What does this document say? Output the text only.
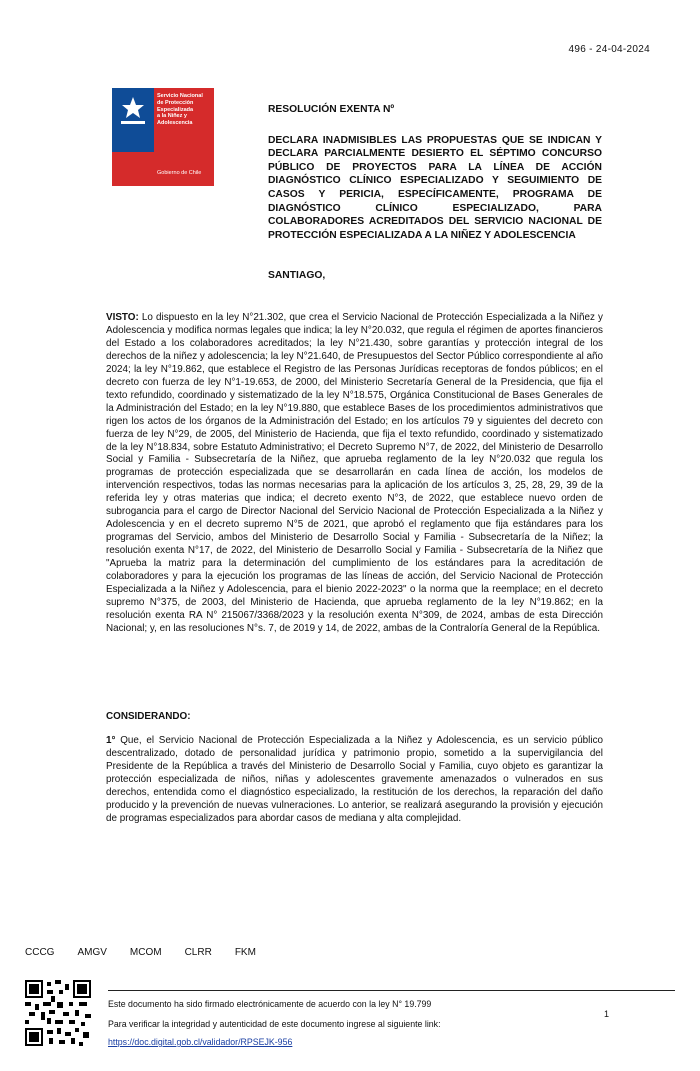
496 - 24-04-2024
Servicio Nacional
de Protección
Especializada
a la Niñez y
Adolescencia
Gobierno de Chile
RESOLUCIÓN EXENTA Nº
DECLARA INADMISIBLES LAS PROPUESTAS QUE SE INDICAN Y DECLARA PARCIALMENTE DESIERTO EL SÉPTIMO CONCURSO PÚBLICO DE PROYECTOS PARA LA LÍNEA DE ACCIÓN DIAGNÓSTICO CLÍNICO ESPECIALIZADO Y SEGUIMIENTO DE CASOS Y PERICIA, ESPECÍFICAMENTE, PROGRAMA DE DIAGNÓSTICO CLÍNICO ESPECIALIZADO, PARA COLABORADORES ACREDITADOS DEL SERVICIO NACIONAL DE PROTECCIÓN ESPECIALIZADA A LA NIÑEZ Y ADOLESCENCIA
SANTIAGO,
VISTO: Lo dispuesto en la ley N°21.302, que crea el Servicio Nacional de Protección Especializada a la Niñez y Adolescencia y modifica normas legales que indica; la ley N°20.032, que regula el régimen de aportes financieros del Estado a los colaboradores acreditados; la ley N°21.430, sobre garantías y protección integral de los derechos de la niñez y adolescencia; la ley N°21.640, de Presupuestos del Sector Público correspondiente al año 2024; la ley N°19.862, que establece el Registro de las Personas Jurídicas receptoras de fondos públicos; en el decreto con fuerza de ley N°1-19.653, de 2000, del Ministerio Secretaría General de la Presidencia, que fija el texto refundido, coordinado y sistematizado de la ley N°18.575, Orgánica Constitucional de Bases Generales de la Administración del Estado; en la ley N°19.880, que establece Bases de los procedimientos administrativos que rigen los actos de los órganos de la Administración del Estado; en los artículos 79 y siguientes del decreto con fuerza de ley N°29, de 2005, del Ministerio de Hacienda, que fija el texto refundido, coordinado y sistematizado de la ley N°18.834, sobre Estatuto Administrativo; el Decreto Supremo N°7, de 2022, del Ministerio de Desarrollo Social y Familia - Subsecretaría de la Niñez, que aprueba reglamento de la ley N°20.032 que regula los programas de protección especializada que se desarrollarán en cada línea de acción, los modelos de intervención respectivos, todas las normas necesarias para la aplicación de los artículos 3, 25, 28, 29, 39 de la referida ley y otras materias que indica; el decreto exento N°3, de 2022, que establece nuevo orden de subrogancia para el cargo de Director Nacional del Servicio Nacional de Protección Especializada a la Niñez y Adolescencia y en el decreto supremo N°5 de 2021, que aprobó el reglamento que fija estándares para los programas del Servicio, ambos del Ministerio de Desarrollo Social y Familia - Subsecretaría de la Niñez; la resolución exenta N°17, de 2022, del Ministerio de Desarrollo Social y Familia - Subsecretaría de la Niñez que "Aprueba la matriz para la determinación del cumplimiento de los estándares para la acreditación de colaboradores y para la ejecución los programas de las líneas de acción, del Servicio Nacional de Protección Especializada a la Niñez y Adolescencia, para el bienio 2022-2023" o la norma que la reemplace; en el decreto supremo N°375, de 2003, del Ministerio de Hacienda, que aprueba reglamento de la ley N°19.862; en la resolución exenta RA N° 215067/3368/2023 y la resolución exenta N°309, de 2024, ambas de esta Dirección Nacional; y, en las resoluciones N°s. 7, de 2019 y 14, de 2022, ambas de la Contraloría General de la República.
CONSIDERANDO:
1° Que, el Servicio Nacional de Protección Especializada a la Niñez y Adolescencia, es un servicio público descentralizado, dotado de personalidad jurídica y patrimonio propio, sometido a la supervigilancia del Presidente de la República a través del Ministerio de Desarrollo Social y Familia, cuyo objeto es garantizar la protección especializada de niños, niñas y adolescentes gravemente amenazados o vulnerados en sus derechos, entendida como el diagnóstico especializado, la restitución de los derechos, la reparación del daño producido y la prevención de nuevas vulneraciones. Lo anterior, se realizará asegurando la provisión y ejecución de programas especializados para abordar casos de mediana y alta complejidad.
CCCG AMGV MCOM CLRR FKM
Este documento ha sido firmado electrónicamente de acuerdo con la ley N° 19.799
Para verificar la integridad y autenticidad de este documento ingrese al siguiente link:
https://doc.digital.gob.cl/validador/RPSEJK-956
1
